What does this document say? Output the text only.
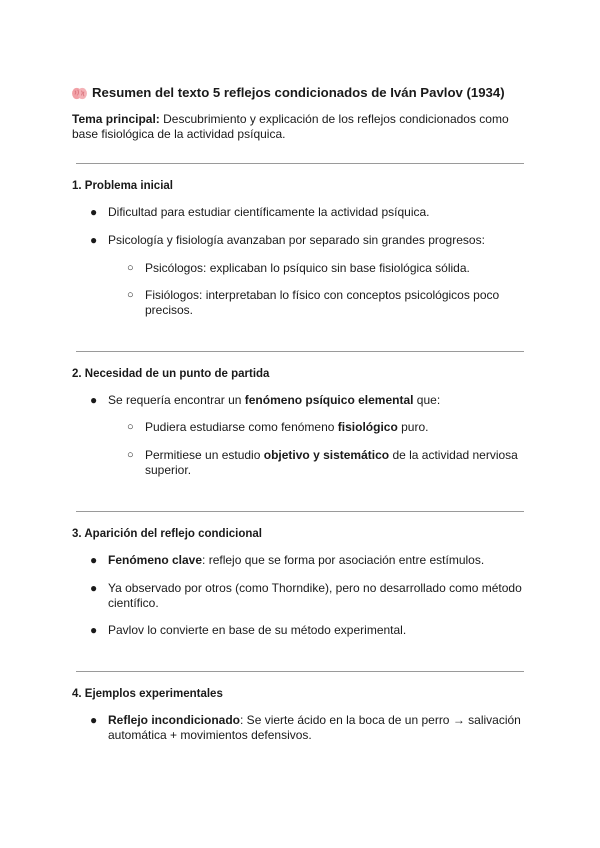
Resumen del texto 5 reflejos condicionados de Iván Pavlov (1934)
Tema principal: Descubrimiento y explicación de los reflejos condicionados como base fisiológica de la actividad psíquica.
1. Problema inicial
● Dificultad para estudiar científicamente la actividad psíquica.
● Psicología y fisiología avanzaban por separado sin grandes progresos:
○ Psicólogos: explicaban lo psíquico sin base fisiológica sólida.
○ Fisiólogos: interpretaban lo físico con conceptos psicológicos poco precisos.
2. Necesidad de un punto de partida
● Se requería encontrar un fenómeno psíquico elemental que:
○ Pudiera estudiarse como fenómeno fisiológico puro.
○ Permitiese un estudio objetivo y sistemático de la actividad nerviosa superior.
3. Aparición del reflejo condicional
● Fenómeno clave: reflejo que se forma por asociación entre estímulos.
● Ya observado por otros (como Thorndike), pero no desarrollado como método científico.
● Pavlov lo convierte en base de su método experimental.
4. Ejemplos experimentales
● Reflejo incondicionado: Se vierte ácido en la boca de un perro → salivación automática + movimientos defensivos.
